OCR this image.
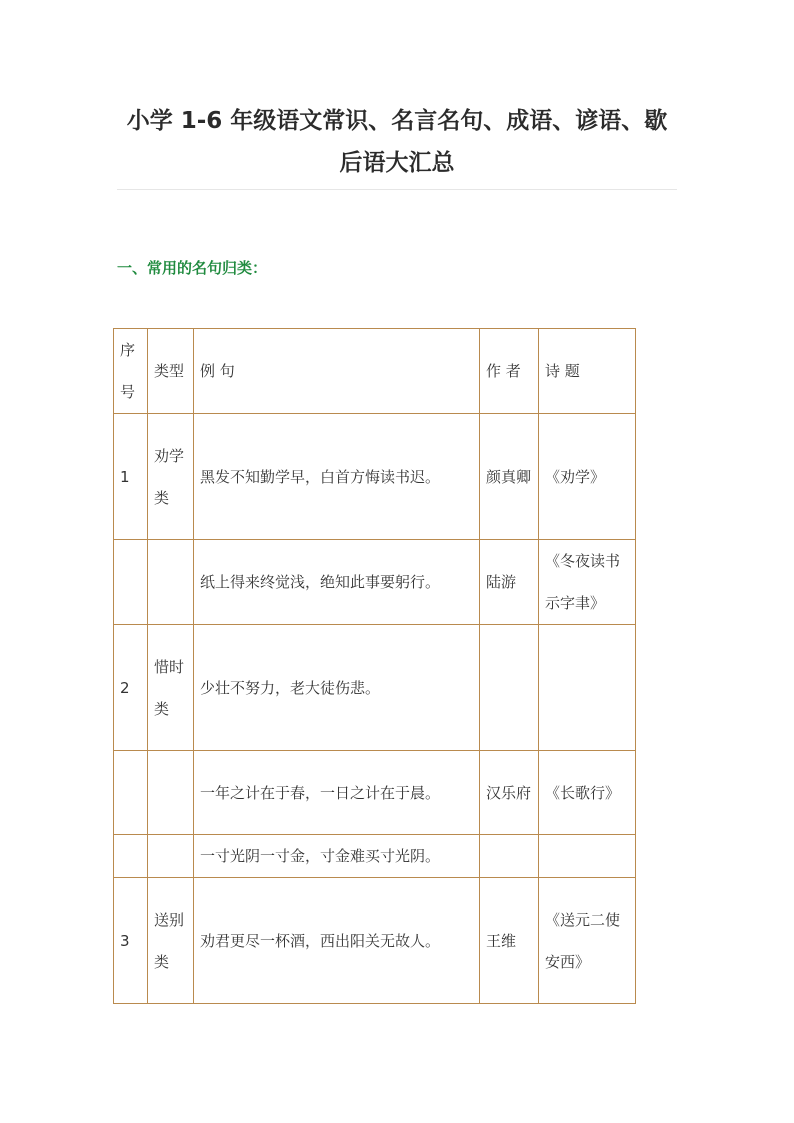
小学 1-6 年级语文常识、名言名句、成语、谚语、歇后语大汇总
一、常用的名句归类：
序号	类型	例 句	作 者	诗 题
1	劝学类	黑发不知勤学早，白首方悔读书迟。	颜真卿	《劝学》
		纸上得来终觉浅，绝知此事要躬行。	陆游	《冬夜读书示字聿》
2	惜时类	少壮不努力，老大徒伤悲。		
		一年之计在于春，一日之计在于晨。	汉乐府	《长歌行》
		一寸光阴一寸金，寸金难买寸光阴。		
3	送别类	劝君更尽一杯酒，西出阳关无故人。	王维	《送元二使安西》
